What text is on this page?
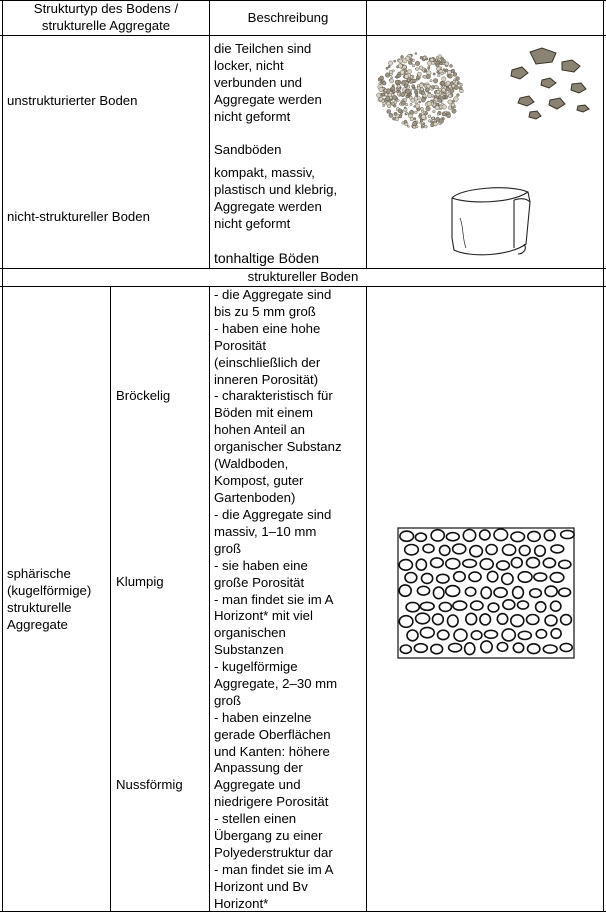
Strukturtyp des Bodens /
strukturelle Aggregate
Beschreibung
unstrukturierter Boden
die Teilchen sind
locker, nicht
verbunden und
Aggregate werden
nicht geformt
Sandböden
nicht-struktureller Boden
kompakt, massiv,
plastisch und klebrig,
Aggregate werden
nicht geformt
tonhaltige Böden
struktureller Boden
sphärische
(kugelförmige)
strukturelle
Aggregate
Bröckelig
Klumpig
Nussförmig
- die Aggregate sind
bis zu 5 mm groß
- haben eine hohe
Porosität
(einschließlich der
inneren Porosität)
- charakteristisch für
Böden mit einem
hohen Anteil an
organischer Substanz
(Waldboden,
Kompost, guter
Gartenboden)
- die Aggregate sind
massiv, 1–10 mm
groß
- sie haben eine
große Porosität
- man findet sie im A
Horizont* mit viel
organischen
Substanzen
- kugelförmige
Aggregate, 2–30 mm
groß
- haben einzelne
gerade Oberflächen
und Kanten: höhere
Anpassung der
Aggregate und
niedrigere Porosität
- stellen einen
Übergang zu einer
Polyederstruktur dar
- man findet sie im A
Horizont und Bv
Horizont*
